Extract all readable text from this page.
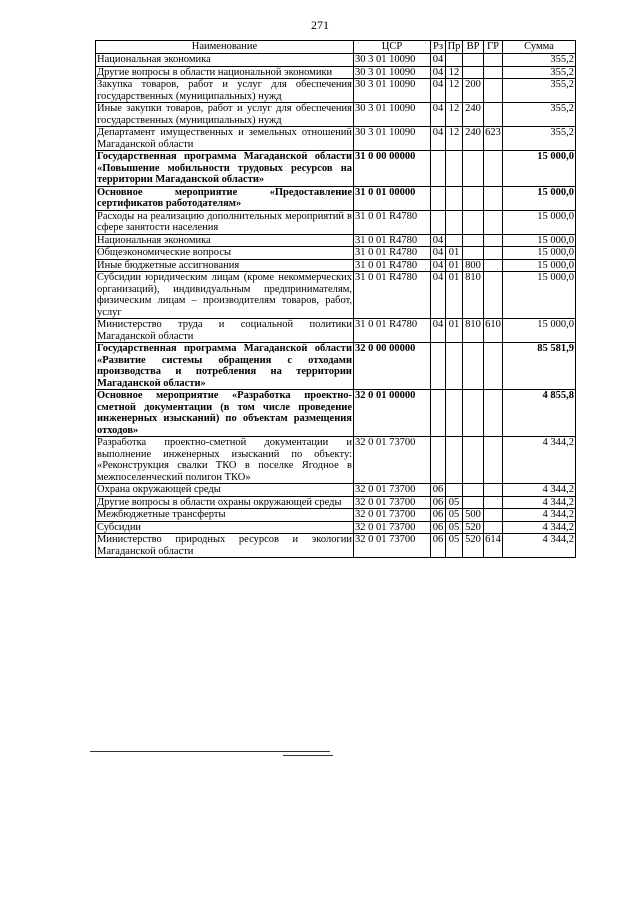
271
Наименование	ЦСР	Рз	Пр	ВР	ГР	Сумма
Национальная экономика	30 3 01 10090	04				355,2
Другие вопросы в области национальной экономики	30 3 01 10090	04	12			355,2
Закупка товаров, работ и услуг для обеспечения государственных (муниципальных) нужд	30 3 01 10090	04	12	200		355,2
Иные закупки товаров, работ и услуг для обеспечения государственных (муниципальных) нужд	30 3 01 10090	04	12	240		355,2
Департамент имущественных и земельных отношений Магаданской области	30 3 01 10090	04	12	240	623	355,2
Государственная программа Магаданской области «Повышение мобильности трудовых ресурсов на территории Магаданской области»	31 0 00 00000					15 000,0
Основное мероприятие «Предоставление сертификатов работодателям»	31 0 01 00000					15 000,0
Расходы на реализацию дополнительных мероприятий в сфере занятости населения	31 0 01 R4780					15 000,0
Национальная экономика	31 0 01 R4780	04				15 000,0
Общеэкономические вопросы	31 0 01 R4780	04	01			15 000,0
Иные бюджетные ассигнования	31 0 01 R4780	04	01	800		15 000,0
Субсидии юридическим лицам (кроме некоммерческих организаций), индивидуальным предпринимателям, физическим лицам – производителям товаров, работ, услуг	31 0 01 R4780	04	01	810		15 000,0
Министерство труда и социальной политики Магаданской области	31 0 01 R4780	04	01	810	610	15 000,0
Государственная программа Магаданской области «Развитие системы обращения с отходами производства и потребления на территории Магаданской области»	32 0 00 00000					85 581,9
Основное мероприятие «Разработка проектно-сметной документации (в том числе проведение инженерных изысканий) по объектам размещения отходов»	32 0 01 00000					4 855,8
Разработка проектно-сметной документации и выполнение инженерных изысканий по объекту: «Реконструкция свалки ТКО в поселке Ягодное в межпоселенческий полигон ТКО»	32 0 01 73700					4 344,2
Охрана окружающей среды	32 0 01 73700	06				4 344,2
Другие вопросы в области охраны окружающей среды	32 0 01 73700	06	05			4 344,2
Межбюджетные трансферты	32 0 01 73700	06	05	500		4 344,2
Субсидии	32 0 01 73700	06	05	520		4 344,2
Министерство природных ресурсов и экологии Магаданской области	32 0 01 73700	06	05	520	614	4 344,2
